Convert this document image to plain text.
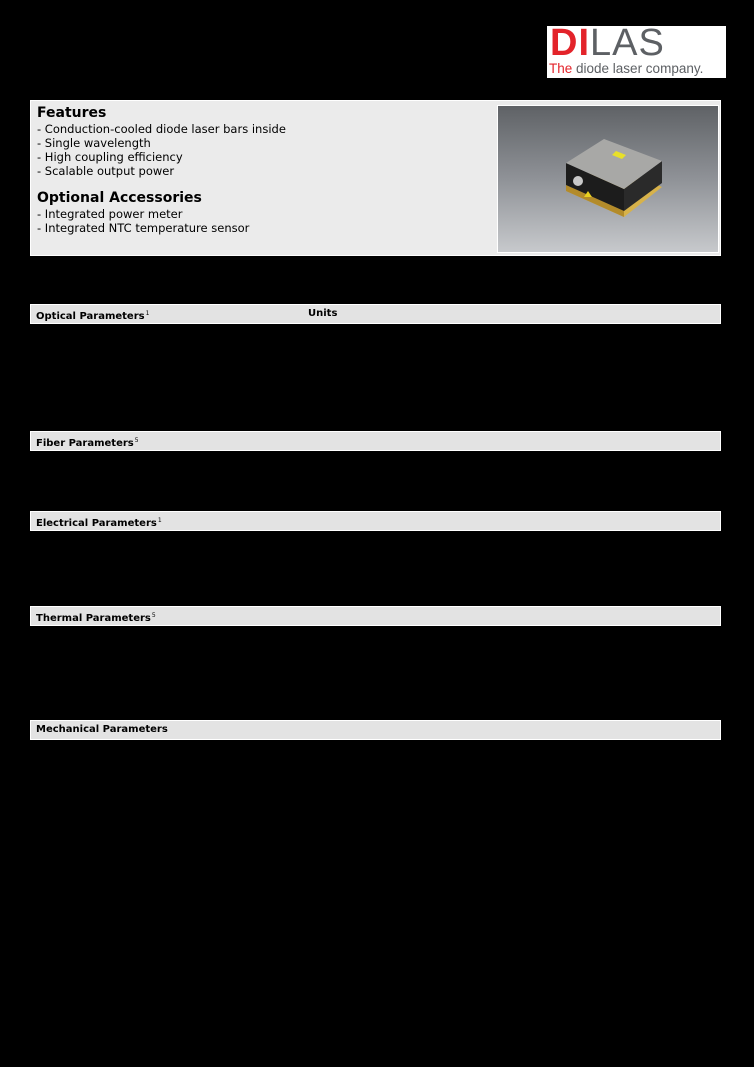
DILAS
The diode laser company.
Features
- Conduction-cooled diode laser bars inside
- Single wavelength
- High coupling efficiency
- Scalable output power
Optional Accessories
- Integrated power meter
- Integrated NTC temperature sensor
Optical Parameters$^1$	Units
Fiber Parameters$^5$
Electrical Parameters$^1$
Thermal Parameters$^5$
Mechanical Parameters
